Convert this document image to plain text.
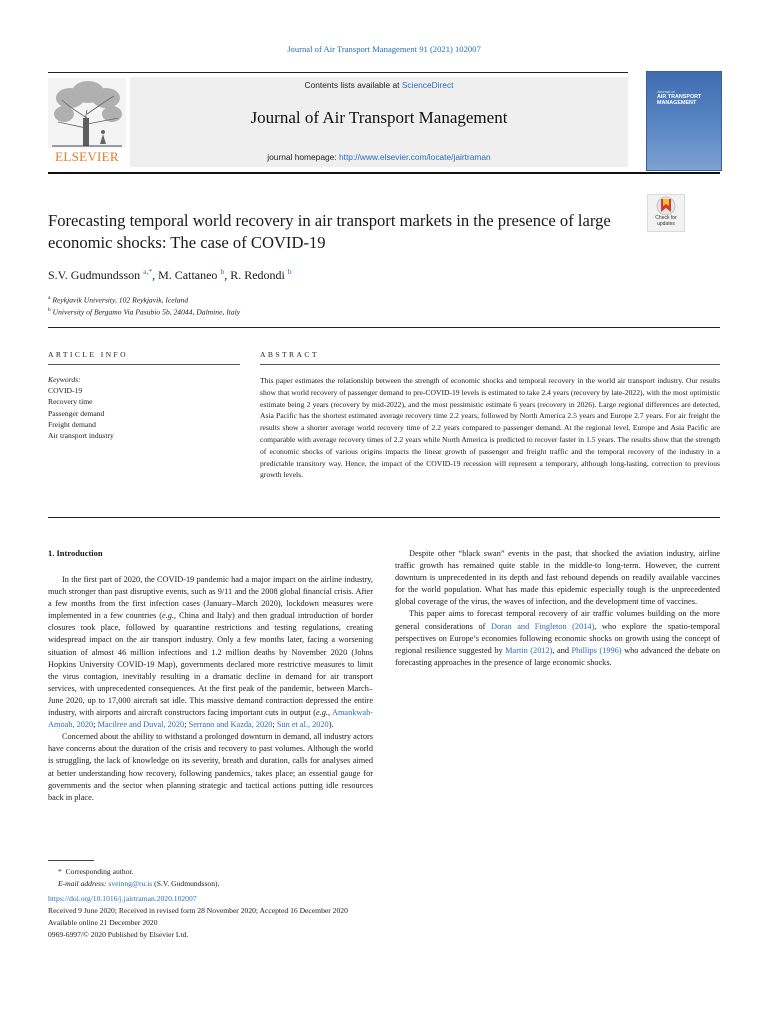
Journal of Air Transport Management 91 (2021) 102007
ELSEVIER
Contents lists available at ScienceDirect
Journal of Air Transport Management
journal homepage: http://www.elsevier.com/locate/jairtraman
Journal of
AIR TRANSPORT MANAGEMENT
Check for
updates
Forecasting temporal world recovery in air transport markets in the presence of large economic shocks: The case of COVID-19
S.V. Gudmundsson $^{a,*}$, M. Cattaneo $^b$, R. Redondi $^b$
$^a$ Reykjavik University, 102 Reykjavik, Iceland
$^b$ University of Bergamo Via Pasubio 5b, 24044, Dalmine, Italy
ARTICLE INFO
Keywords:
COVID-19
Recovery time
Passenger demand
Freight demand
Air transport industry
ABSTRACT
This paper estimates the relationship between the strength of economic shocks and temporal recovery in the world air transport industry. Our results show that world recovery of passenger demand to pre-COVID-19 levels is estimated to take 2.4 years (recovery by late-2022), with the most optimistic estimate being 2 years (recovery by mid-2022), and the most pessimistic estimate 6 years (recovery in 2026). Large regional differences are detected, Asia Pacific has the shortest estimated average recovery time 2.2 years, followed by North America 2.5 years and Europe 2.7 years. For air freight the results show a shorter average world recovery time of 2.2 years compared to passenger demand. At the regional level, Europe and Asia Pacific are comparable with average recovery times of 2.2 years while North America is predicted to recover faster in 1.5 years. The results show that the strength of economic shocks of various origins impacts the linear growth of passenger and freight traffic and the temporal recovery of the industry in a predictable transitory way. Hence, the impact of the COVID-19 recession will represent a temporary, although long-lasting, correction to previous growth levels.
1. Introduction

In the first part of 2020, the COVID-19 pandemic had a major impact on the airline industry, much stronger than past disruptive events, such as 9/11 and the 2008 global financial crisis. After a few months from the first infection cases (January–March 2020), lockdown measures were implemented in a few countries (e.g., China and Italy) and then gradual introduction of border closures took place, followed by quarantine restrictions and testing regulations, creating widespread impact on the air transport industry. Only a few months later, facing a worsening situation of almost 46 million infections and 1.2 million deaths by November 2020 (Johns Hopkins University COVID-19 Map), governments declared more restrictive measures to limit the virus contagion, inevitably resulting in a dramatic decline in demand for air transport services, with unprecedented consequences. At the first peak of the pandemic, between March–June 2020, up to 17,000 aircraft sat idle. This massive demand contraction depressed the entire industry, with airports and aircraft constructors facing important cuts in output (e.g., Amankwah-Amoah, 2020; Macilree and Duval, 2020; Serrano and Kazda, 2020; Sun et al., 2020).

Concerned about the ability to withstand a prolonged downturn in demand, all industry actors have concerns about the duration of the crisis and recovery to past volumes. Although the world is struggling, the lack of knowledge on its severity, breath and duration, calls for analyses aimed at better understanding how recovery, following pandemics, takes place; an essential gauge for governments and the sector when planning strategic and tactical actions putting idle resources back in place.

Despite other “black swan” events in the past, that shocked the aviation industry, airline traffic growth has remained quite stable in the middle-to long-term. However, the current downturn is unprecedented in its depth and fast rebound depends on readily available vaccines for the world population. What has made this epidemic especially tough is the unprecedented global coverage of the virus, the waves of infection, and the development time of vaccines.

This paper aims to forecast temporal recovery of air traffic volumes building on the more general considerations of Doran and Fingleton (2014), who explore the spatio-temporal perspectives on Europe’s economies following economic shocks on growth using the concept of regional resilience suggested by Martin (2012), and Phillips (1996) who advanced the debate on forecasting approaches in the presence of large economic shocks.

* Corresponding author.
E-mail address: sveinng@ru.is (S.V. Gudmundsson).
https://doi.org/10.1016/j.jairtraman.2020.102007
Received 9 June 2020; Received in revised form 28 November 2020; Accepted 16 December 2020
Available online 21 December 2020
0969-6997/© 2020 Published by Elsevier Ltd.
